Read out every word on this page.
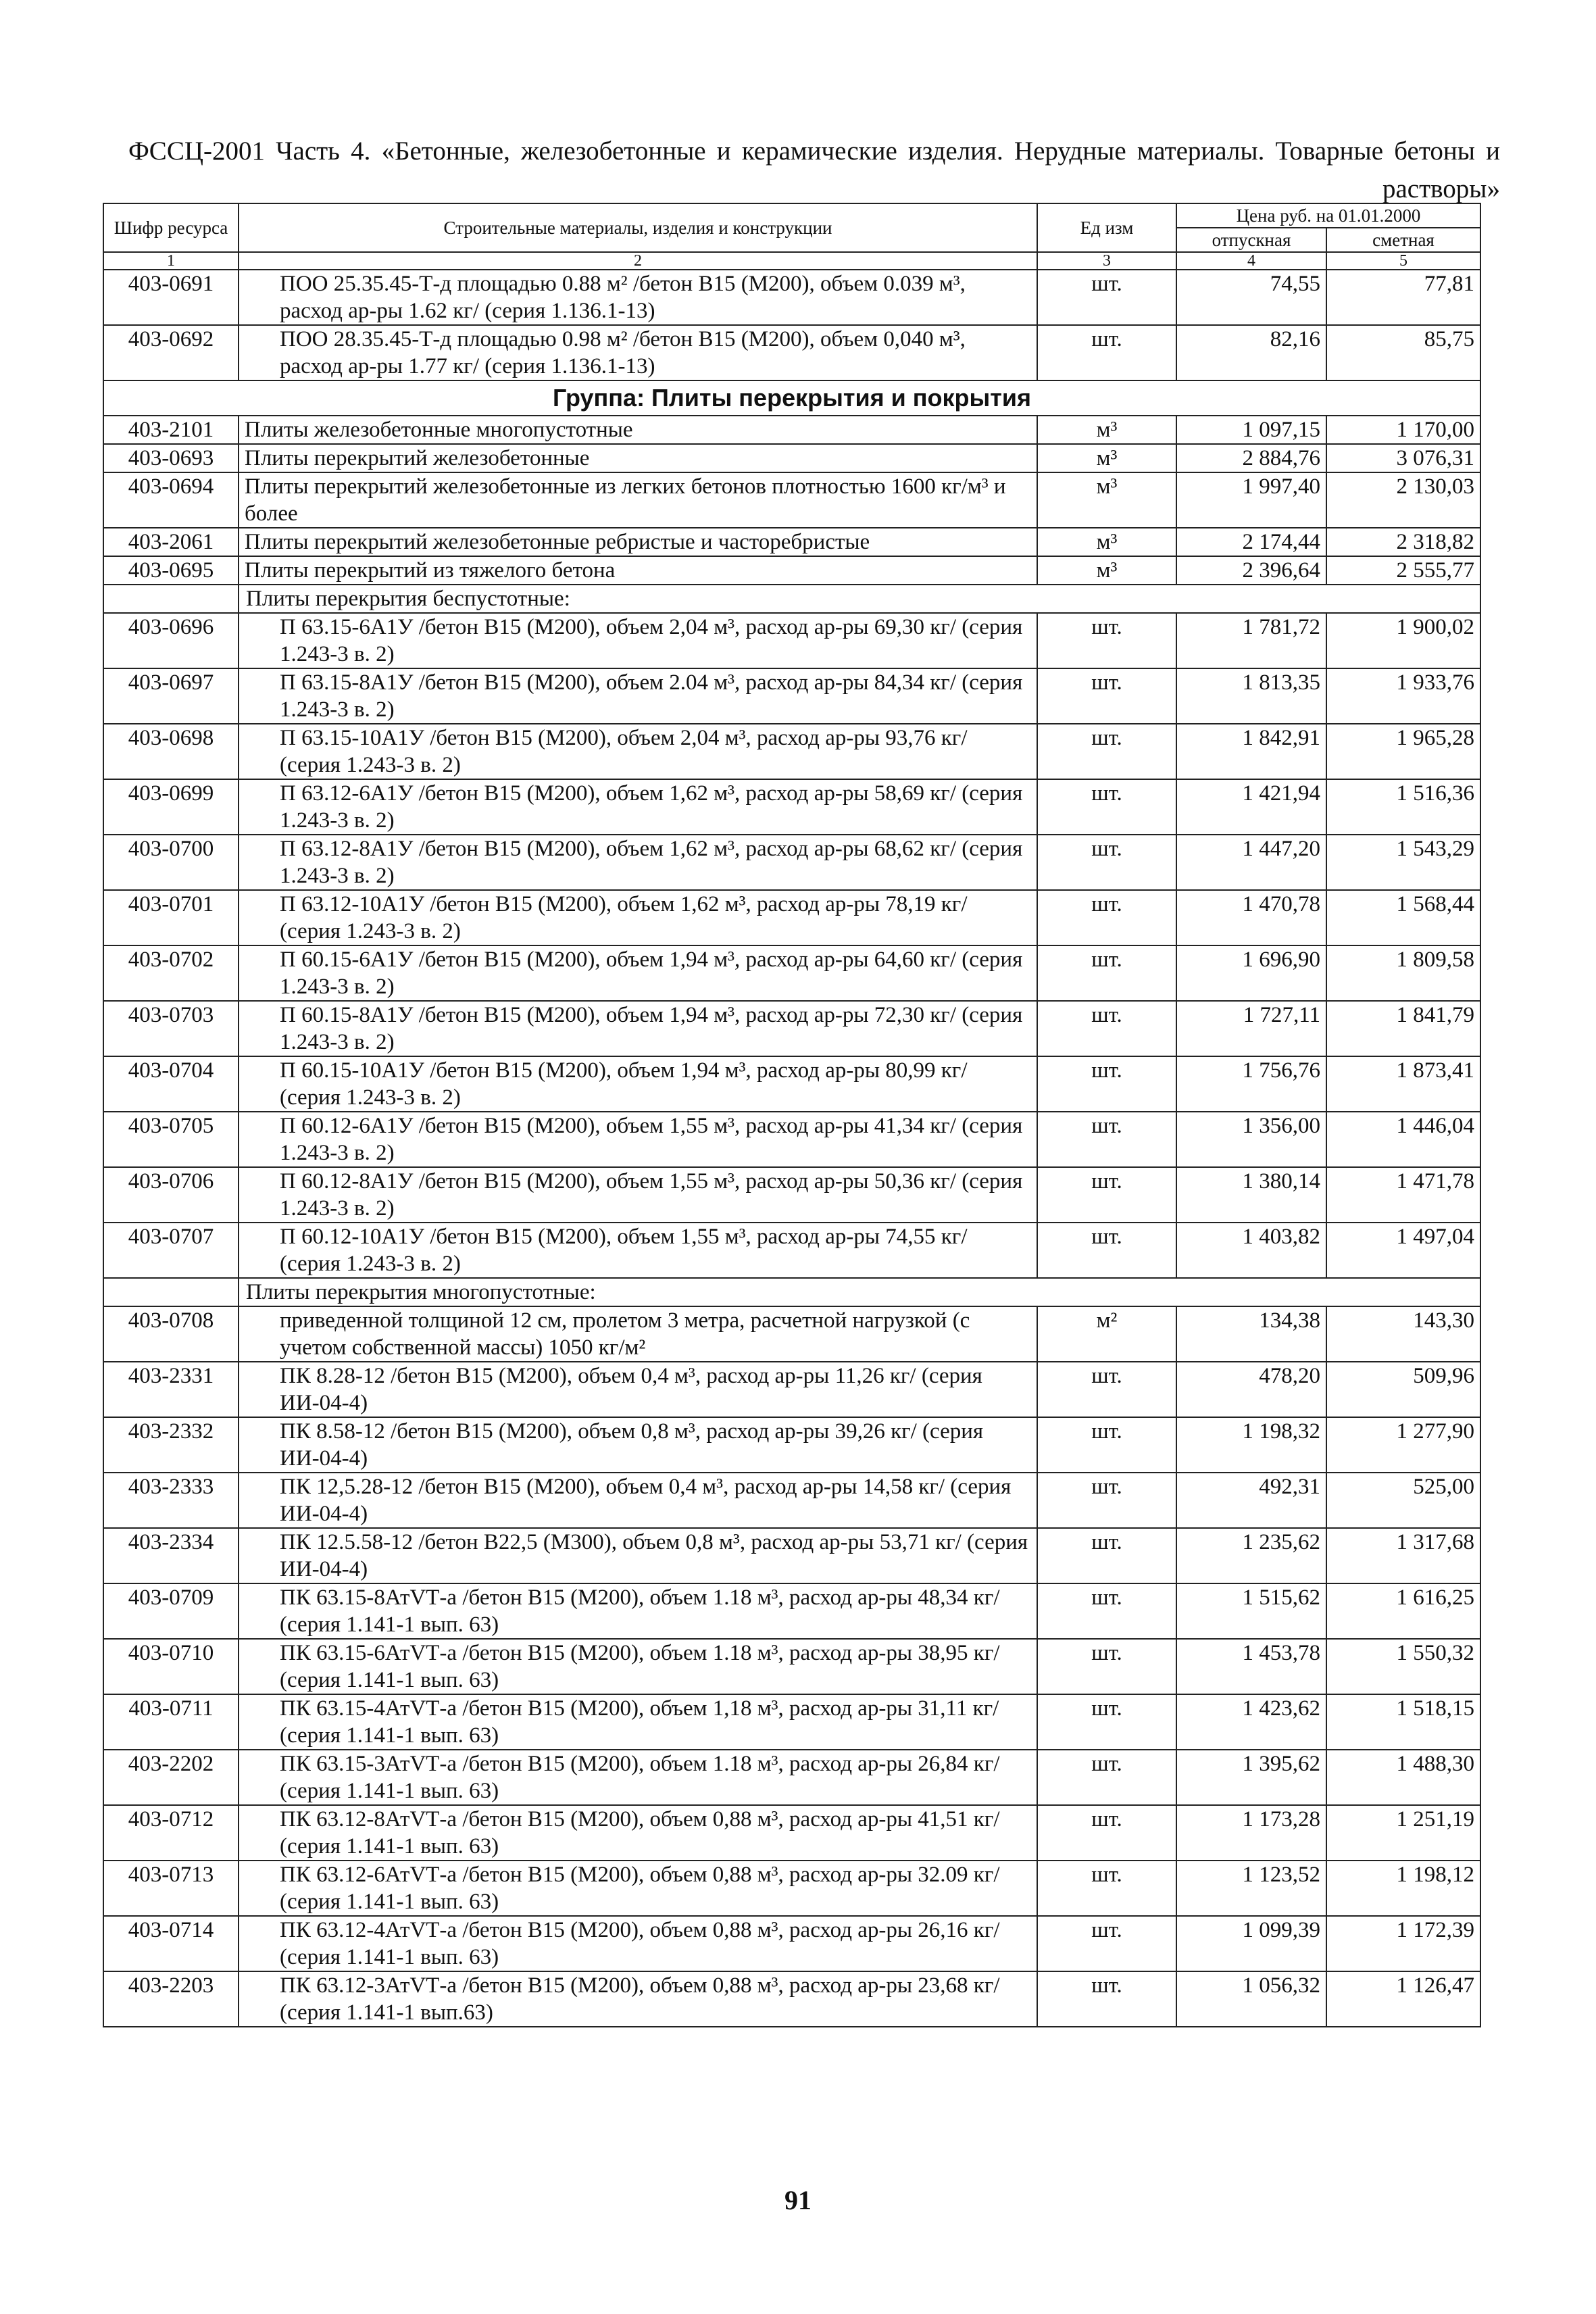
ФССЦ-2001 Часть 4. «Бетонные, железобетонные и керамические изделия. Нерудные материалы. Товарные бетоны и растворы»
Шифр ресурса	Строительные материалы, изделия и конструкции	Ед изм	Цена руб. на 01.01.2000	
			отпускная	сметная
1	2	3	4	5
403-0691	ПОО 25.35.45-Т-д площадью 0.88 м² /бетон В15 (М200), объем 0.039 м³, расход ар-ры 1.62 кг/ (серия 1.136.1-13)	шт.	74,55	77,81
403-0692	ПОО 28.35.45-Т-д площадью 0.98 м² /бетон В15 (М200), объем 0,040 м³, расход ар-ры 1.77 кг/ (серия 1.136.1-13)	шт.	82,16	85,75
Группа: Плиты перекрытия и покрытия				
403-2101	Плиты железобетонные многопустотные	м³	1 097,15	1 170,00
403-0693	Плиты перекрытий железобетонные	м³	2 884,76	3 076,31
403-0694	Плиты перекрытий железобетонные из легких бетонов плотностью 1600 кг/м³ и более	м³	1 997,40	2 130,03
403-2061	Плиты перекрытий железобетонные ребристые и часторебристые	м³	2 174,44	2 318,82
403-0695	Плиты перекрытий из тяжелого бетона	м³	2 396,64	2 555,77
	Плиты перекрытия беспустотные:			
403-0696	П 63.15-6А1У /бетон В15 (М200), объем 2,04 м³, расход ар-ры 69,30 кг/ (серия 1.243-3 в. 2)	шт.	1 781,72	1 900,02
403-0697	П 63.15-8А1У /бетон В15 (М200), объем 2.04 м³, расход ар-ры 84,34 кг/ (серия 1.243-3 в. 2)	шт.	1 813,35	1 933,76
403-0698	П 63.15-10А1У /бетон В15 (М200), объем 2,04 м³, расход ар-ры 93,76 кг/ (серия 1.243-3 в. 2)	шт.	1 842,91	1 965,28
403-0699	П 63.12-6А1У /бетон В15 (М200), объем 1,62 м³, расход ар-ры 58,69 кг/ (серия 1.243-3 в. 2)	шт.	1 421,94	1 516,36
403-0700	П 63.12-8А1У /бетон В15 (М200), объем 1,62 м³, расход ар-ры 68,62 кг/ (серия 1.243-3 в. 2)	шт.	1 447,20	1 543,29
403-0701	П 63.12-10А1У /бетон В15 (М200), объем 1,62 м³, расход ар-ры 78,19 кг/ (серия 1.243-3 в. 2)	шт.	1 470,78	1 568,44
403-0702	П 60.15-6А1У /бетон В15 (М200), объем 1,94 м³, расход ар-ры 64,60 кг/ (серия 1.243-3 в. 2)	шт.	1 696,90	1 809,58
403-0703	П 60.15-8А1У /бетон В15 (М200), объем 1,94 м³, расход ар-ры 72,30 кг/ (серия 1.243-3 в. 2)	шт.	1 727,11	1 841,79
403-0704	П 60.15-10А1У /бетон В15 (М200), объем 1,94 м³, расход ар-ры 80,99 кг/ (серия 1.243-3 в. 2)	шт.	1 756,76	1 873,41
403-0705	П 60.12-6А1У /бетон В15 (М200), объем 1,55 м³, расход ар-ры 41,34 кг/ (серия 1.243-3 в. 2)	шт.	1 356,00	1 446,04
403-0706	П 60.12-8А1У /бетон В15 (М200), объем 1,55 м³, расход ар-ры 50,36 кг/ (серия 1.243-3 в. 2)	шт.	1 380,14	1 471,78
403-0707	П 60.12-10А1У /бетон В15 (М200), объем 1,55 м³, расход ар-ры 74,55 кг/ (серия 1.243-3 в. 2)	шт.	1 403,82	1 497,04
	Плиты перекрытия многопустотные:			
403-0708	приведенной толщиной 12 см, пролетом 3 метра, расчетной нагрузкой (с учетом собственной массы) 1050 кг/м²	м²	134,38	143,30
403-2331	ПК 8.28-12 /бетон В15 (М200), объем 0,4 м³, расход ар-ры 11,26 кг/ (серия ИИ-04-4)	шт.	478,20	509,96
403-2332	ПК 8.58-12 /бетон В15 (М200), объем 0,8 м³, расход ар-ры 39,26 кг/ (серия ИИ-04-4)	шт.	1 198,32	1 277,90
403-2333	ПК 12,5.28-12 /бетон В15 (М200), объем 0,4 м³, расход ар-ры 14,58 кг/ (серия ИИ-04-4)	шт.	492,31	525,00
403-2334	ПК 12.5.58-12 /бетон В22,5 (М300), объем 0,8 м³, расход ар-ры 53,71 кг/ (серия ИИ-04-4)	шт.	1 235,62	1 317,68
403-0709	ПК 63.15-8АтVТ-а /бетон В15 (М200), объем 1.18 м³, расход ар-ры 48,34 кг/ (серия 1.141-1 вып. 63)	шт.	1 515,62	1 616,25
403-0710	ПК 63.15-6АтVТ-а /бетон В15 (М200), объем 1.18 м³, расход ар-ры 38,95 кг/ (серия 1.141-1 вып. 63)	шт.	1 453,78	1 550,32
403-0711	ПК 63.15-4АтVТ-а /бетон В15 (М200), объем 1,18 м³, расход ар-ры 31,11 кг/ (серия 1.141-1 вып. 63)	шт.	1 423,62	1 518,15
403-2202	ПК 63.15-3АтVТ-а /бетон В15 (М200), объем 1.18 м³, расход ар-ры 26,84 кг/ (серия 1.141-1 вып. 63)	шт.	1 395,62	1 488,30
403-0712	ПК 63.12-8АтVТ-а /бетон В15 (М200), объем 0,88 м³, расход ар-ры 41,51 кг/ (серия 1.141-1 вып. 63)	шт.	1 173,28	1 251,19
403-0713	ПК 63.12-6АтVТ-а /бетон В15 (М200), объем 0,88 м³, расход ар-ры 32.09 кг/ (серия 1.141-1 вып. 63)	шт.	1 123,52	1 198,12
403-0714	ПК 63.12-4АтVТ-а /бетон В15 (М200), объем 0,88 м³, расход ар-ры 26,16 кг/ (серия 1.141-1 вып. 63)	шт.	1 099,39	1 172,39
403-2203	ПК 63.12-3АтVТ-а /бетон В15 (М200), объем 0,88 м³, расход ар-ры 23,68 кг/ (серия 1.141-1 вып.63)	шт.	1 056,32	1 126,47
91
